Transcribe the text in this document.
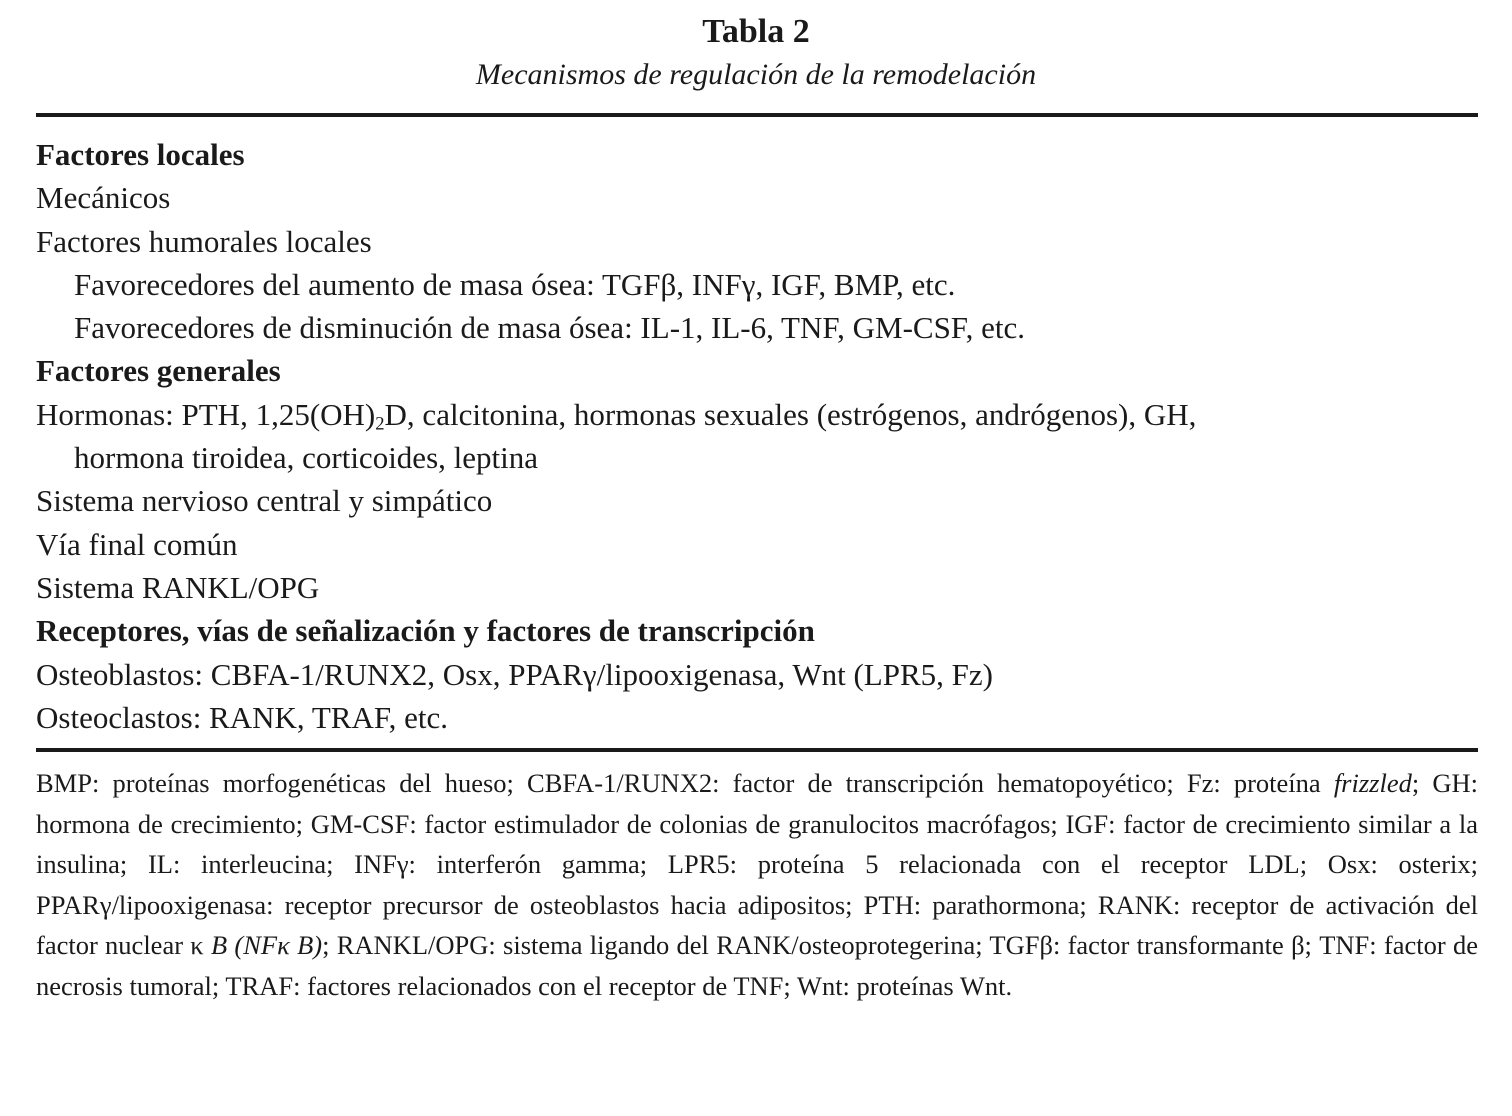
Tabla 2
Mecanismos de regulación de la remodelación
Factores locales
Mecánicos
Factores humorales locales
Favorecedores del aumento de masa ósea: TGFβ, INFγ, IGF, BMP, etc.
Favorecedores de disminución de masa ósea: IL-1, IL-6, TNF, GM-CSF, etc.
Factores generales
Hormonas: PTH, $1,25(OH)_2D$, calcitonina, hormonas sexuales (estrógenos, andrógenos), GH,
hormona tiroidea, corticoides, leptina
Sistema nervioso central y simpático
Vía final común
Sistema RANKL/OPG
Receptores, vías de señalización y factores de transcripción
Osteoblastos: CBFA-1/RUNX2, Osx, PPARγ/lipooxigenasa, Wnt (LPR5, Fz)
Osteoclastos: RANK, TRAF, etc.
BMP: proteínas morfogenéticas del hueso; CBFA-1/RUNX2: factor de transcripción hematopoyético; Fz: proteína frizzled; GH: hormona de crecimiento; GM-CSF: factor estimulador de colonias de granulocitos macrófagos; IGF: factor de crecimiento similar a la insulina; IL: interleucina; INFγ: interferón gamma; LPR5: proteína 5 relacionada con el receptor LDL; Osx: osterix; PPARγ/lipooxigenasa: receptor precursor de osteoblastos hacia adipositos; PTH: parathormona; RANK: receptor de activación del factor nuclear κ B (NFκ B); RANKL/OPG: sistema ligando del RANK/osteoprotegerina; TGFβ: factor transformante β; TNF: factor de necrosis tumoral; TRAF: factores relacionados con el receptor de TNF; Wnt: proteínas Wnt.
